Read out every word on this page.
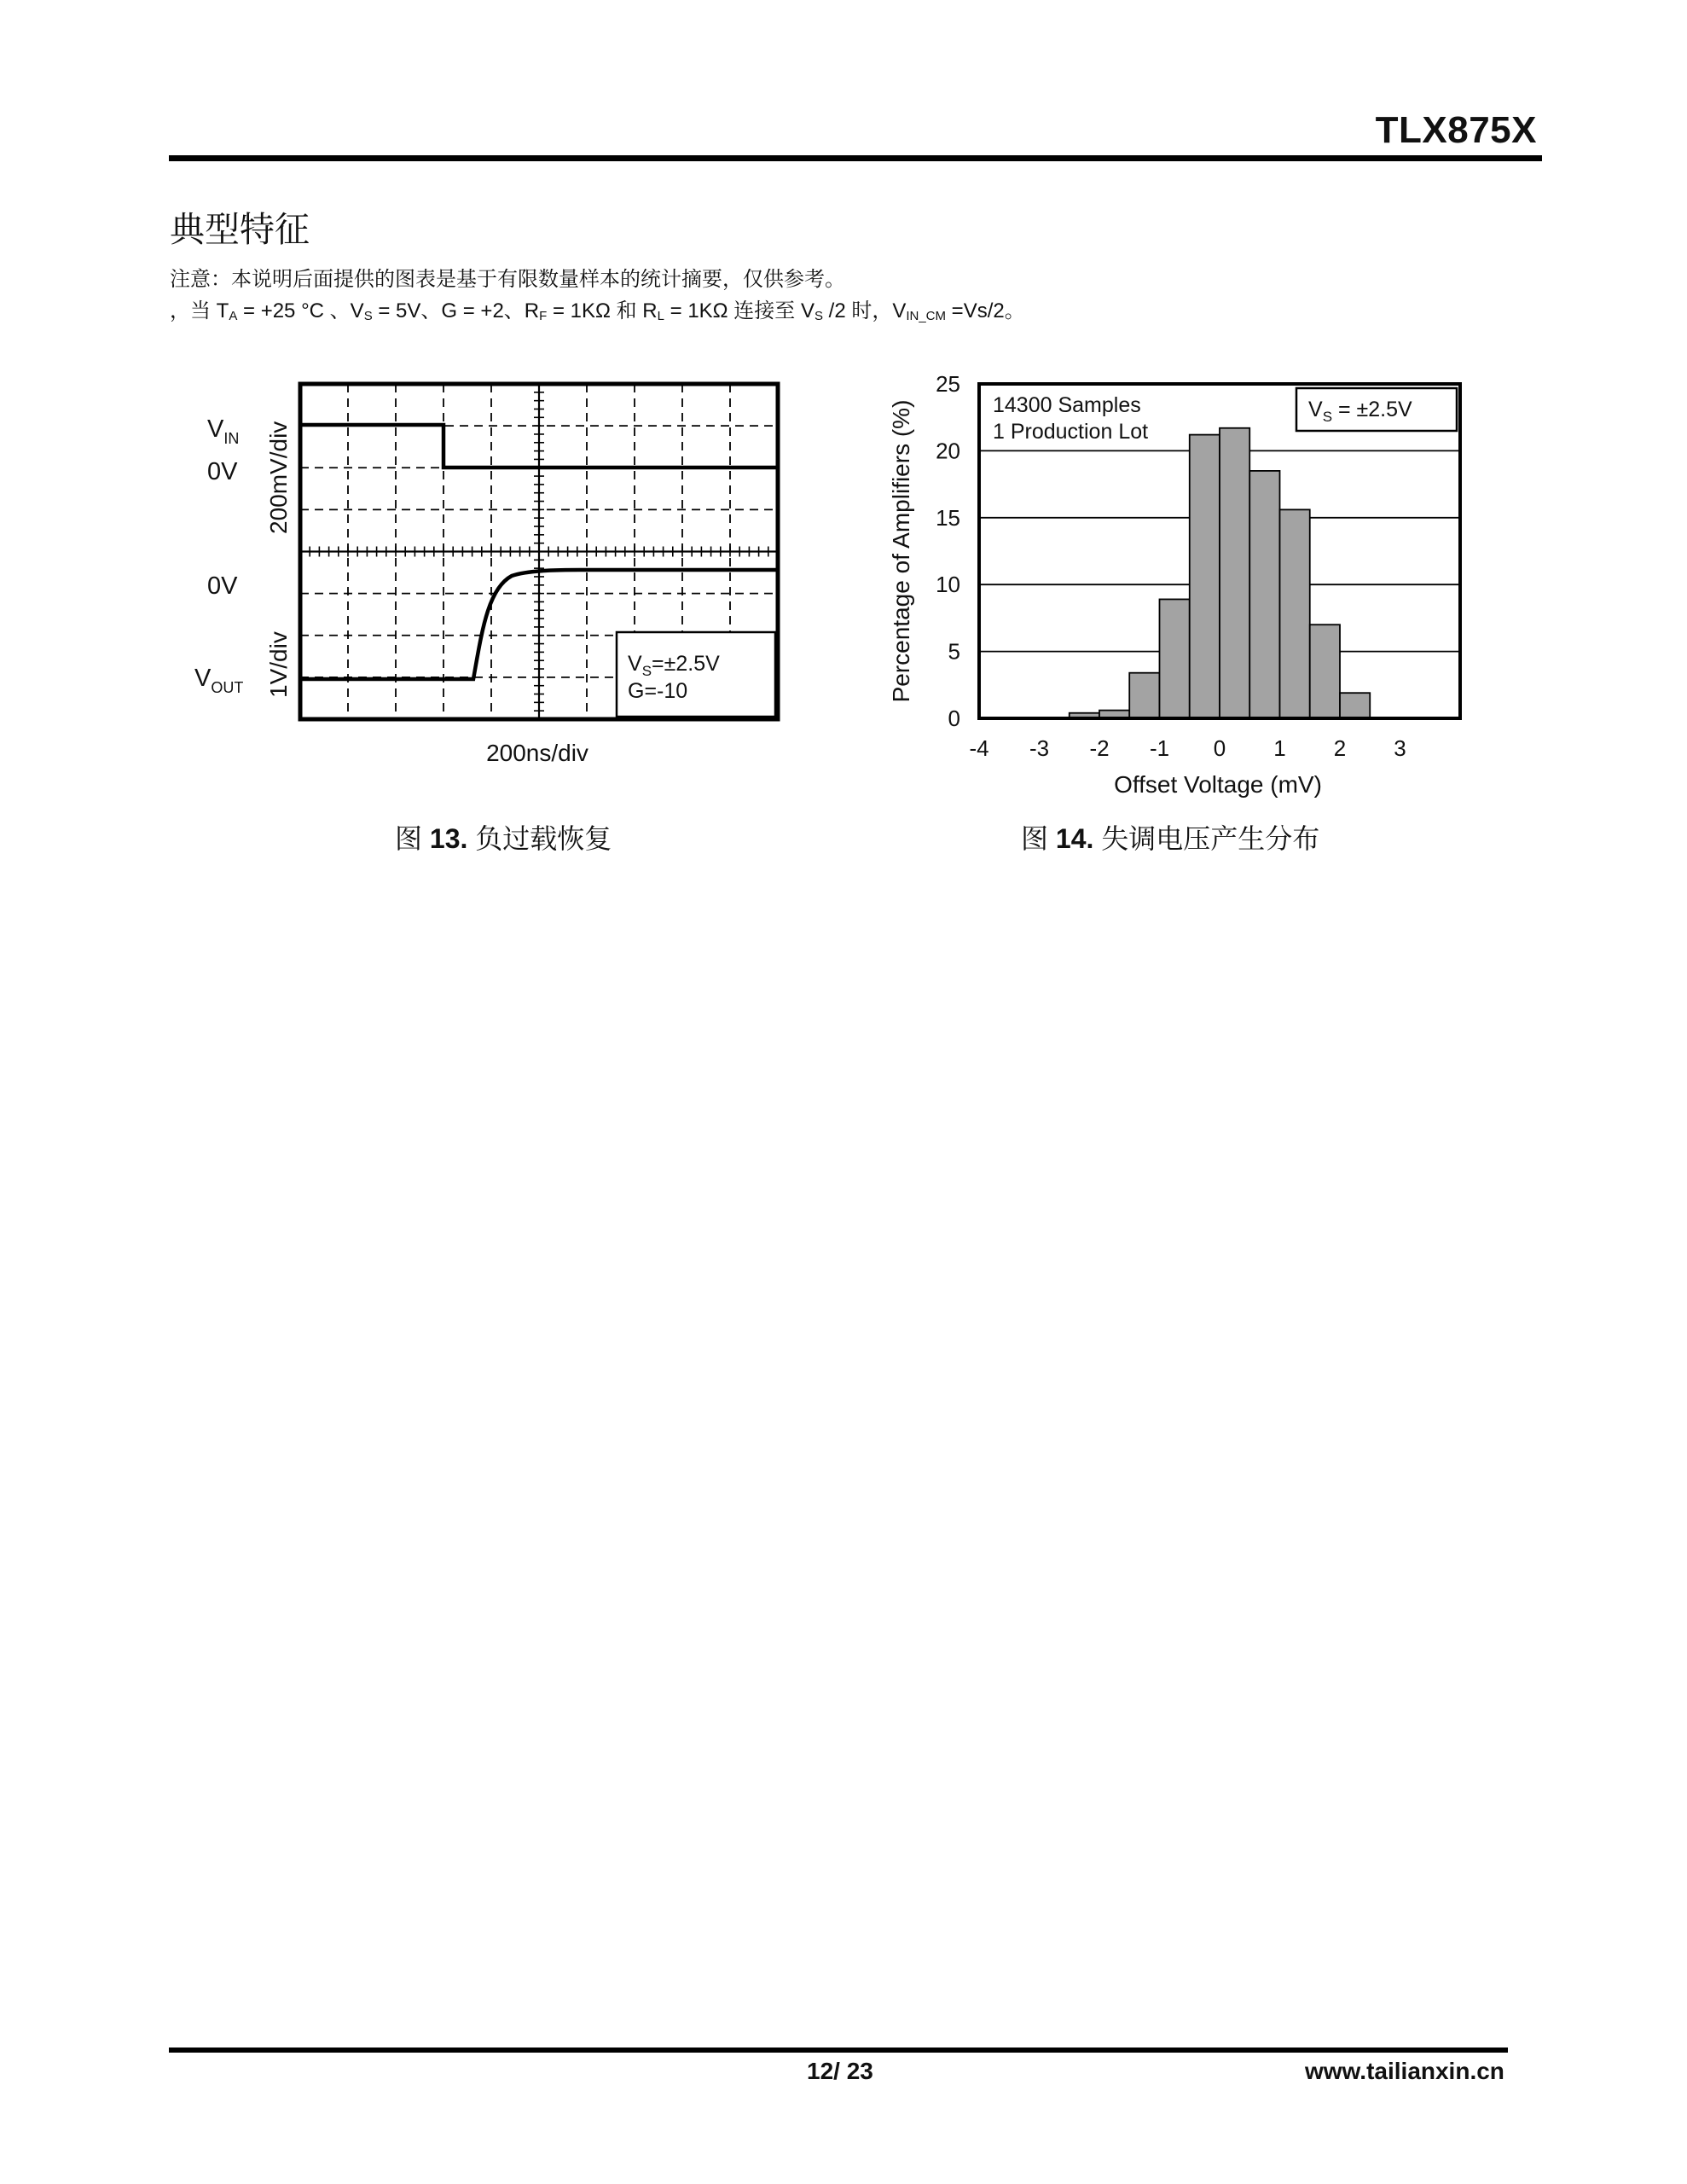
TLX875X
典型特征
注意：本说明后面提供的图表是基于有限数量样本的统计摘要，仅供参考。
，当 $T_A = +25$ °C 、$V_S = 5V$、G = +2、$R_F = 1K\Omega$ 和 $R_L = 1K\Omega$ 连接至 $V_S$ /2 时，$V_{IN\_CM} =Vs/2$。
$V_S=\pm 2.5V$
G=-10
$V_{IN}$
0V
0V
$V_{OUT}$
200mV/div
1V/div
200ns/div
0
5
10
15
20
25
-4 -3 -2 -1 0 1 2 3
14300 Samples
1 Production Lot
$V_S = \pm 2.5V$
Offset Voltage (mV)
Percentage of Amplifiers (%)
图 13. 负过载恢复	图 14. 失调电压产生分布
12/ 23	www.tailianxin.cn
